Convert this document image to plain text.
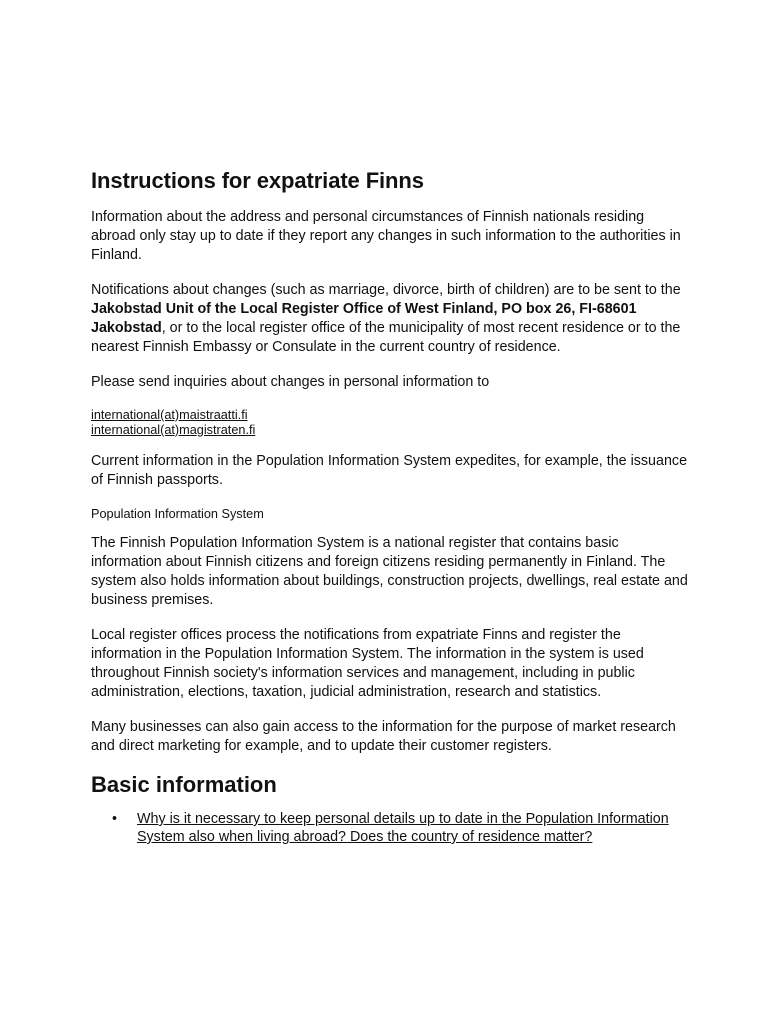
Instructions for expatriate Finns

Information about the address and personal circumstances of Finnish nationals residing abroad only stay up to date if they report any changes in such information to the authorities in Finland.

Notifications about changes (such as marriage, divorce, birth of children) are to be sent to the Jakobstad Unit of the Local Register Office of West Finland, PO box 26, FI-68601 Jakobstad, or to the local register office of the municipality of most recent residence or to the nearest Finnish Embassy or Consulate in the current country of residence.

Please send inquiries about changes in personal information to

international(at)maistraatti.fi
international(at)magistraten.fi

Current information in the Population Information System expedites, for example, the issuance of Finnish passports.

Population Information System

The Finnish Population Information System is a national register that contains basic information about Finnish citizens and foreign citizens residing permanently in Finland. The system also holds information about buildings, construction projects, dwellings, real estate and business premises.

Local register offices process the notifications from expatriate Finns and register the information in the Population Information System. The information in the system is used throughout Finnish society's information services and management, including in public administration, elections, taxation, judicial administration, research and statistics.

Many businesses can also gain access to the information for the purpose of market research and direct marketing for example, and to update their customer registers.

Basic information
• Why is it necessary to keep personal details up to date in the Population Information System also when living abroad? Does the country of residence matter?
